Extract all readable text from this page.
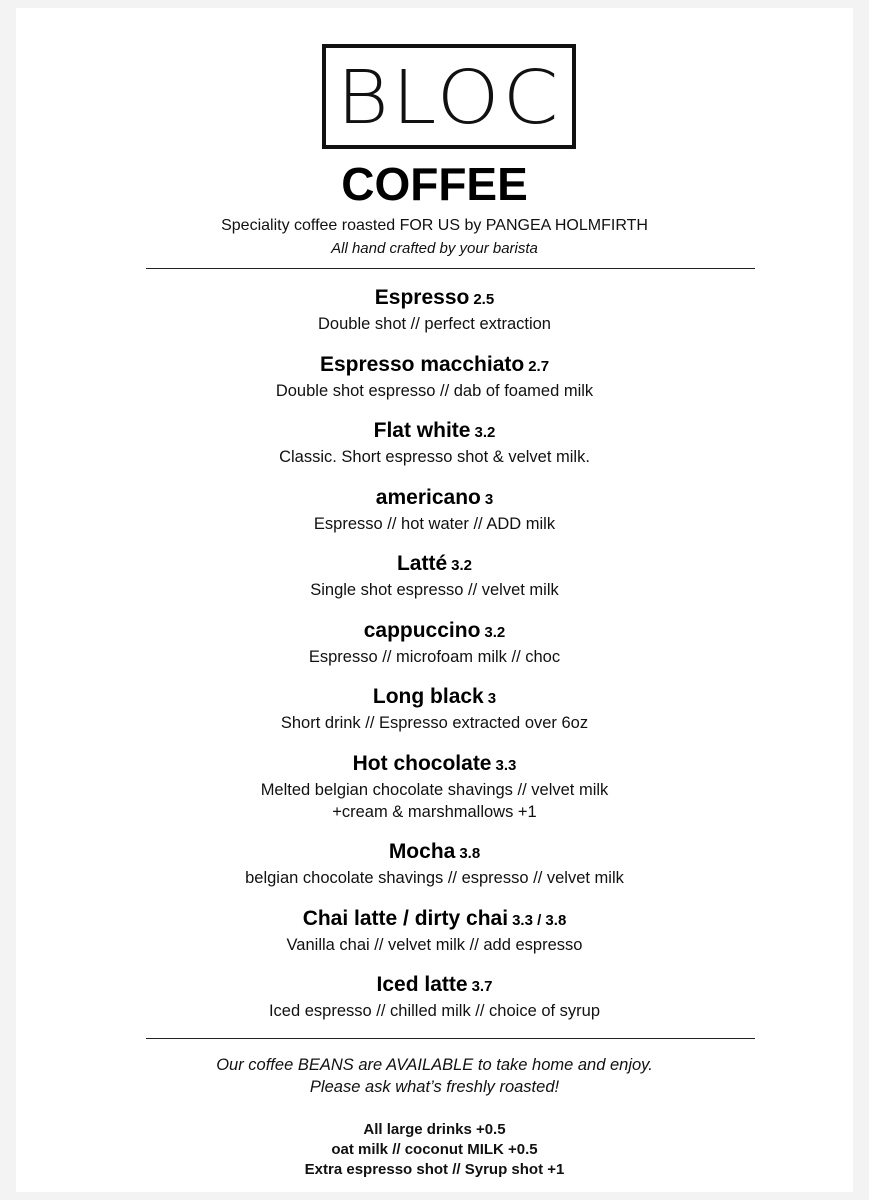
BLOC
COFFEE
Speciality coffee roasted FOR US by PANGEA HOLMFIRTH
All hand crafted by your barista
Espresso 2.5
Double shot // perfect extraction
Espresso macchiato 2.7
Double shot espresso // dab of foamed milk
Flat white 3.2
Classic. Short espresso shot & velvet milk.
americano 3
Espresso // hot water // ADD milk
Latté 3.2
Single shot espresso // velvet milk
cappuccino 3.2
Espresso // microfoam milk // choc
Long black 3
Short drink // Espresso extracted over 6oz
Hot chocolate 3.3
Melted belgian chocolate shavings // velvet milk
+cream & marshmallows +1
Mocha 3.8
belgian chocolate shavings // espresso // velvet milk
Chai latte / dirty chai 3.3 / 3.8
Vanilla chai // velvet milk // add espresso
Iced latte 3.7
Iced espresso // chilled milk // choice of syrup
Our coffee BEANS are AVAILABLE to take home and enjoy.
Please ask what’s freshly roasted!
All large drinks +0.5
oat milk // coconut MILK +0.5
Extra espresso shot // Syrup shot +1
